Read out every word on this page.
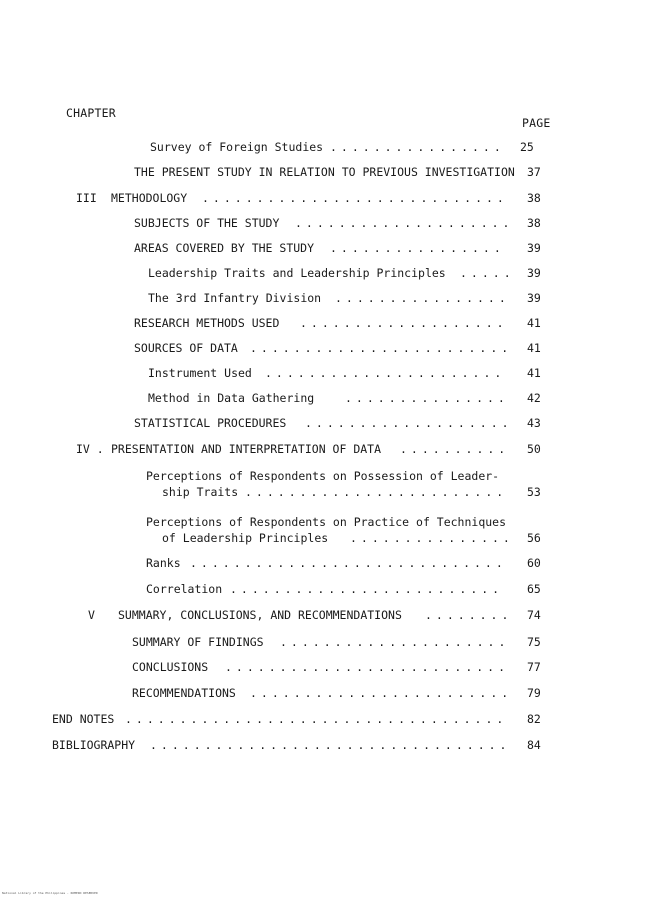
CHAPTER
PAGE
Survey of Foreign Studies ................	25
THE PRESENT STUDY IN RELATION TO PREVIOUS INVESTIGATION 37
III METHODOLOGY ............................	38
SUBJECTS OF THE STUDY .................... 38
AREAS COVERED BY THE STUDY ................	39
Leadership Traits and Leadership Principles ..... 39
The 3rd Infantry Division ................	39
RESEARCH METHODS USED ...................	41
SOURCES OF DATA ........................ 41
Instrument Used ......................	41
Method in Data Gathering	...............	42
STATISTICAL PROCEDURES ................... 43
IV . PRESENTATION AND INTERPRETATION OF DATA ..........	50
Perceptions of Respondents on Possession of Leader-
ship Traits ........................	53
Perceptions of Respondents on Practice of Techniques
of Leadership Principles ............... 56
Ranks .............................	60
Correlation .........................	65
V SUMMARY, CONCLUSIONS, AND RECOMMENDATIONS ........ 74
SUMMARY OF FINDINGS .....................	75
CONCLUSIONS ..........................	77
RECOMMENDATIONS ........................ 79
END NOTES ...................................	82
BIBLIOGRAPHY .................................	84
National Library of the Philippines · ROMERO RESERVED
